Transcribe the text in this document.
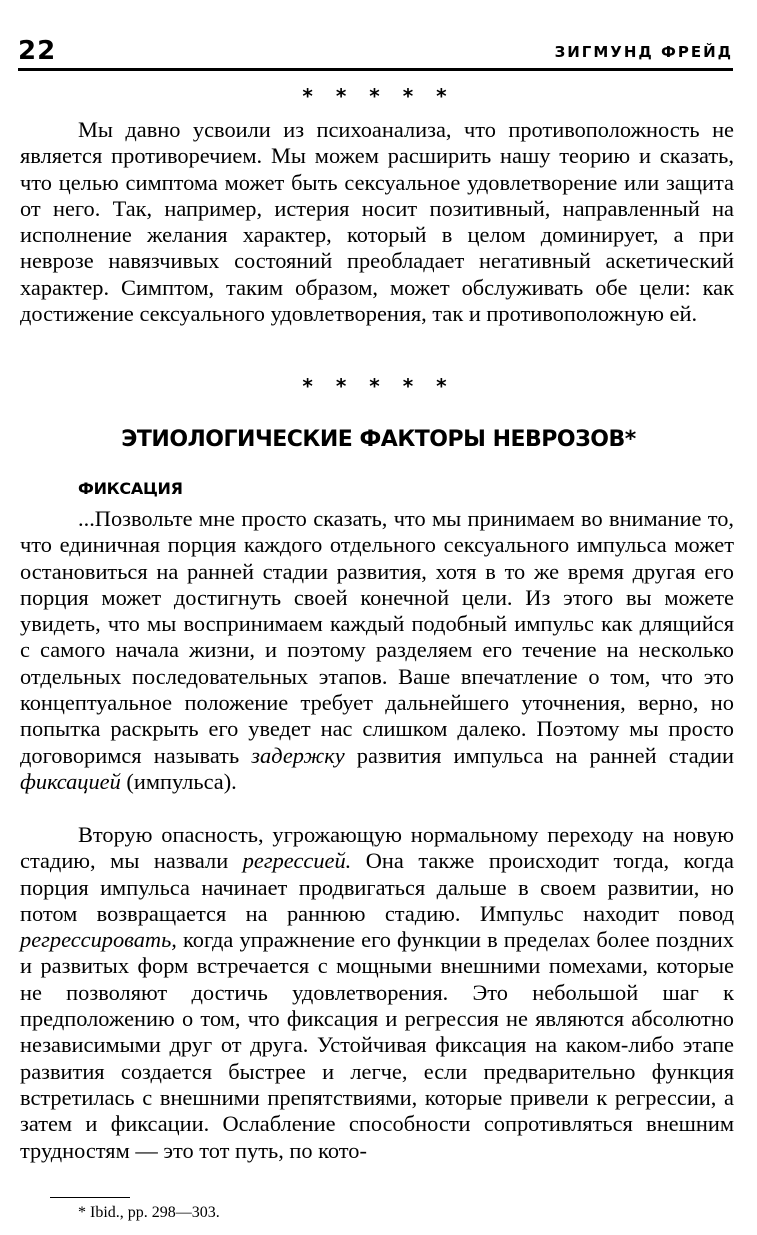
22	ЗИГМУНД ФРЕЙД
* * * * *

Мы давно усвоили из психоанализа, что противоположность не является противоречием. Мы можем расширить нашу теорию и сказать, что целью симптома может быть сексуальное удовлетворение или защита от него. Так, например, истерия носит позитивный, направленный на исполнение желания характер, который в целом доминирует, а при неврозе навязчивых состояний преобладает негативный аскетический характер. Симптом, таким образом, может обслуживать обе цели: как достижение сексуального удовлетворения, так и противоположную ей.

* * * * *
ЭТИОЛОГИЧЕСКИЕ ФАКТОРЫ НЕВРОЗОВ*
ФИКСАЦИЯ

...Позвольте мне просто сказать, что мы принимаем во внимание то, что единичная порция каждого отдельного сексуального импульса может остановиться на ранней стадии развития, хотя в то же время другая его порция может достигнуть своей конечной цели. Из этого вы можете увидеть, что мы воспринимаем каждый подобный импульс как длящийся с самого начала жизни, и поэтому разделяем его течение на несколько отдельных последовательных этапов. Ваше впечатление о том, что это концептуальное положение требует дальнейшего уточнения, верно, но попытка раскрыть его уведет нас слишком далеко. Поэтому мы просто договоримся называть задержку развития импульса на ранней стадии фиксацией (импульса).

Вторую опасность, угрожающую нормальному переходу на новую стадию, мы назвали регрессией. Она также происходит тогда, когда порция импульса начинает продвигаться дальше в своем развитии, но потом возвращается на раннюю стадию. Импульс находит повод регрессировать, когда упражнение его функции в пределах более поздних и развитых форм встречается с мощными внешними помехами, которые не позволяют достичь удовлетворения. Это небольшой шаг к предположению о том, что фиксация и регрессия не являются абсолютно независимыми друг от друга. Устойчивая фиксация на каком-либо этапе развития создается быстрее и легче, если предварительно функция встретилась с внешними препятствиями, которые привели к регрессии, а затем и фиксации. Ослабление способности сопротивляться внешним трудностям — это тот путь, по кото-

* Ibid., pp. 298—303.
